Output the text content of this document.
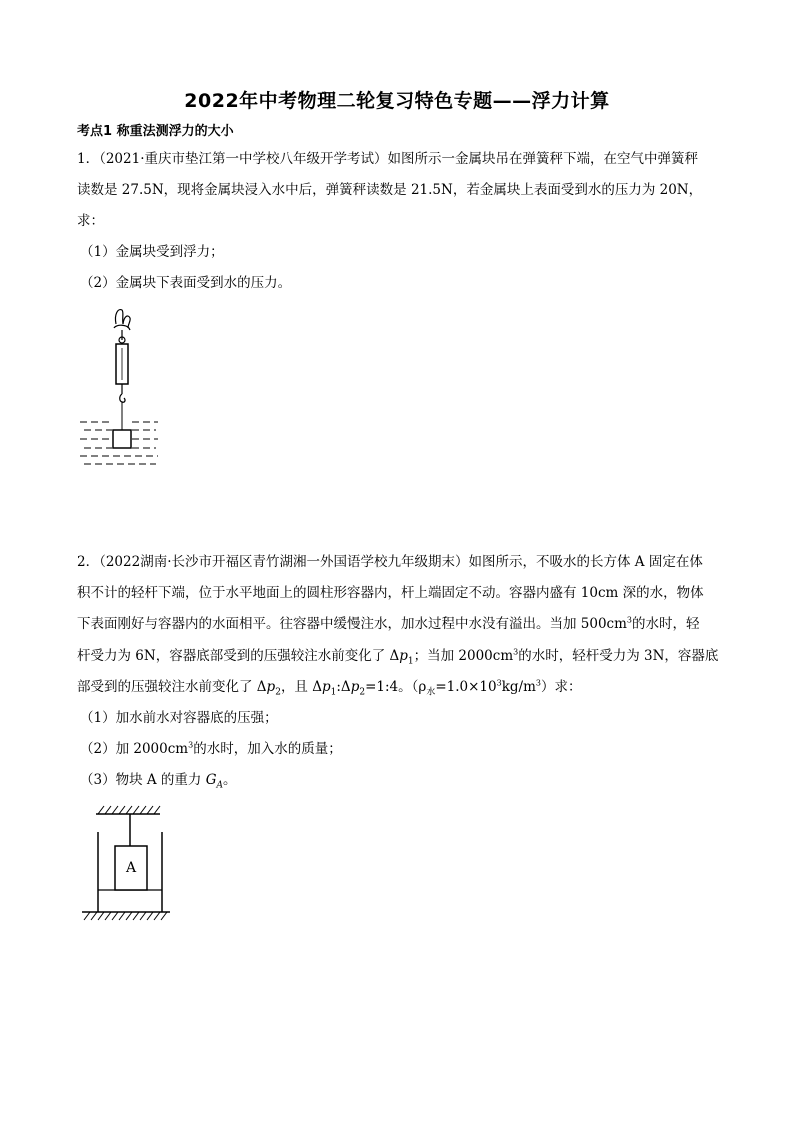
2022年中考物理二轮复习特色专题——浮力计算
考点1 称重法测浮力的大小
1．（2021·重庆市垫江第一中学校八年级开学考试）如图所示一金属块吊在弹簧秤下端，在空气中弹簧秤
读数是 27.5N，现将金属块浸入水中后，弹簧秤读数是 21.5N，若金属块上表面受到水的压力为 20N，
求：
（1）金属块受到浮力；
（2）金属块下表面受到水的压力。
2．（2022湖南·长沙市开福区青竹湖湘一外国语学校九年级期末）如图所示，不吸水的长方体 A 固定在体
积不计的轻杆下端，位于水平地面上的圆柱形容器内，杆上端固定不动。容器内盛有 10cm 深的水，物体
下表面刚好与容器内的水面相平。往容器中缓慢注水，加水过程中水没有溢出。当加 $500cm^3$的水时，轻
杆受力为 6N，容器底部受到的压强较注水前变化了 $\Delta p_1$；当加 $2000cm^3$的水时，轻杆受力为 3N，容器底
部受到的压强较注水前变化了 $\Delta p_2$，且 $\Delta p_1:\Delta p_2=1:4$。$(\rho_水=1.0\times 10^3kg/m^3)$求：
（1）加水前水对容器底的压强；
（2）加 $2000cm^3$的水时，加入水的质量；
（3）物块 A 的重力 $G_A$。
A
